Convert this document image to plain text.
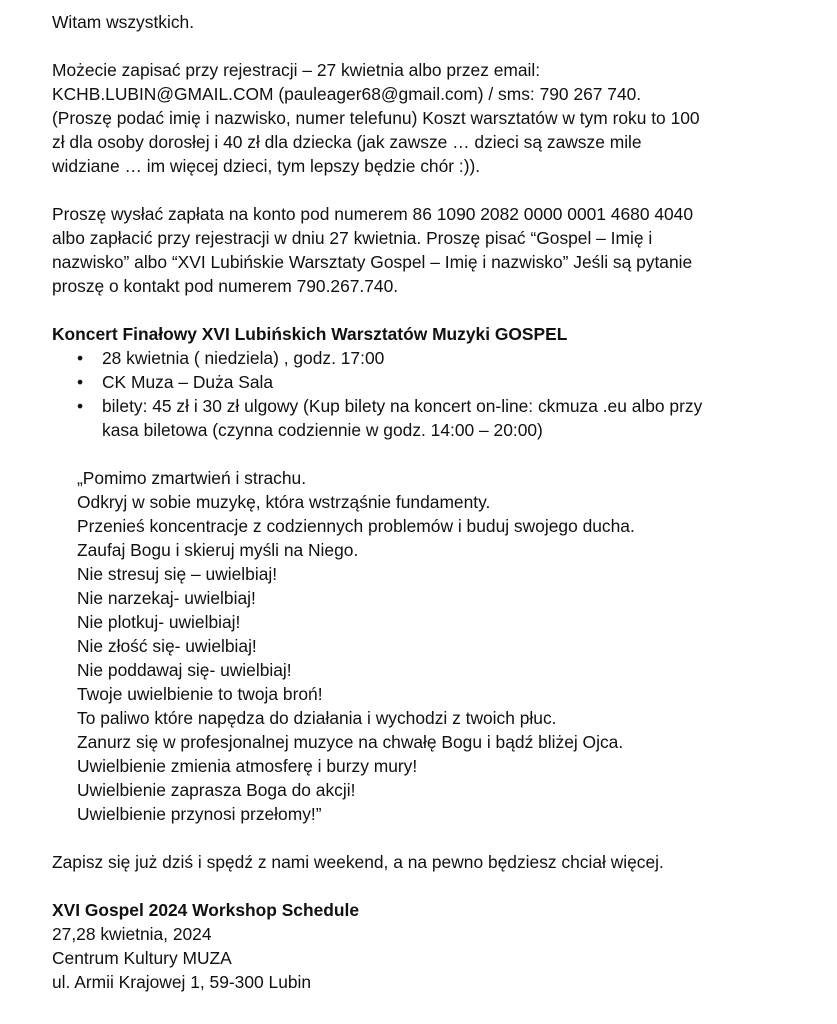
Witam wszystkich.

Możecie zapisać przy rejestracji – 27 kwietnia albo przez email:
KCHB.LUBIN@GMAIL.COM (pauleager68@gmail.com) / sms: 790 267 740.
(Proszę podać imię i nazwisko, numer telefunu) Koszt warsztatów w tym roku to 100
zł dla osoby dorosłej i 40 zł dla dziecka (jak zawsze … dzieci są zawsze mile
widziane … im więcej dzieci, tym lepszy będzie chór :)).
Proszę wysłać zapłata na konto pod numerem 86 1090 2082 0000 0001 4680 4040
albo zapłacić przy rejestracji w dniu 27 kwietnia. Proszę pisać “Gospel – Imię i
nazwisko” albo “XVI Lubińskie Warsztaty Gospel – Imię i nazwisko” Jeśli są pytanie
proszę o kontakt pod numerem 790.267.740.

Koncert Finałowy XVI Lubińskich Warsztatów Muzyki GOSPEL

• 28 kwietnia ( niedziela) , godz. 17:00
• CK Muza – Duża Sala
• bilety: 45 zł i 30 zł ulgowy (Kup bilety na koncert on-line: ckmuza .eu albo przy
kasa biletowa (czynna codziennie w godz. 14:00 – 20:00)
„Pomimo zmartwień i strachu.
Odkryj w sobie muzykę, która wstrząśnie fundamenty.
Przenieś koncentracje z codziennych problemów i buduj swojego ducha.
Zaufaj Bogu i skieruj myśli na Niego.
Nie stresuj się – uwielbiaj!
Nie narzekaj- uwielbiaj!
Nie plotkuj- uwielbiaj!
Nie złość się- uwielbiaj!
Nie poddawaj się- uwielbiaj!
Twoje uwielbienie to twoja broń!
To paliwo które napędza do działania i wychodzi z twoich płuc.
Zanurz się w profesjonalnej muzyce na chwałę Bogu i bądź bliżej Ojca.
Uwielbienie zmienia atmosferę i burzy mury!
Uwielbienie zaprasza Boga do akcji!
Uwielbienie przynosi przełomy!”

Zapisz się już dziś i spędź z nami weekend, a na pewno będziesz chciał więcej.

XVI Gospel 2024 Workshop Schedule

27,28 kwietnia, 2024
Centrum Kultury MUZA
ul. Armii Krajowej 1, 59-300 Lubin
